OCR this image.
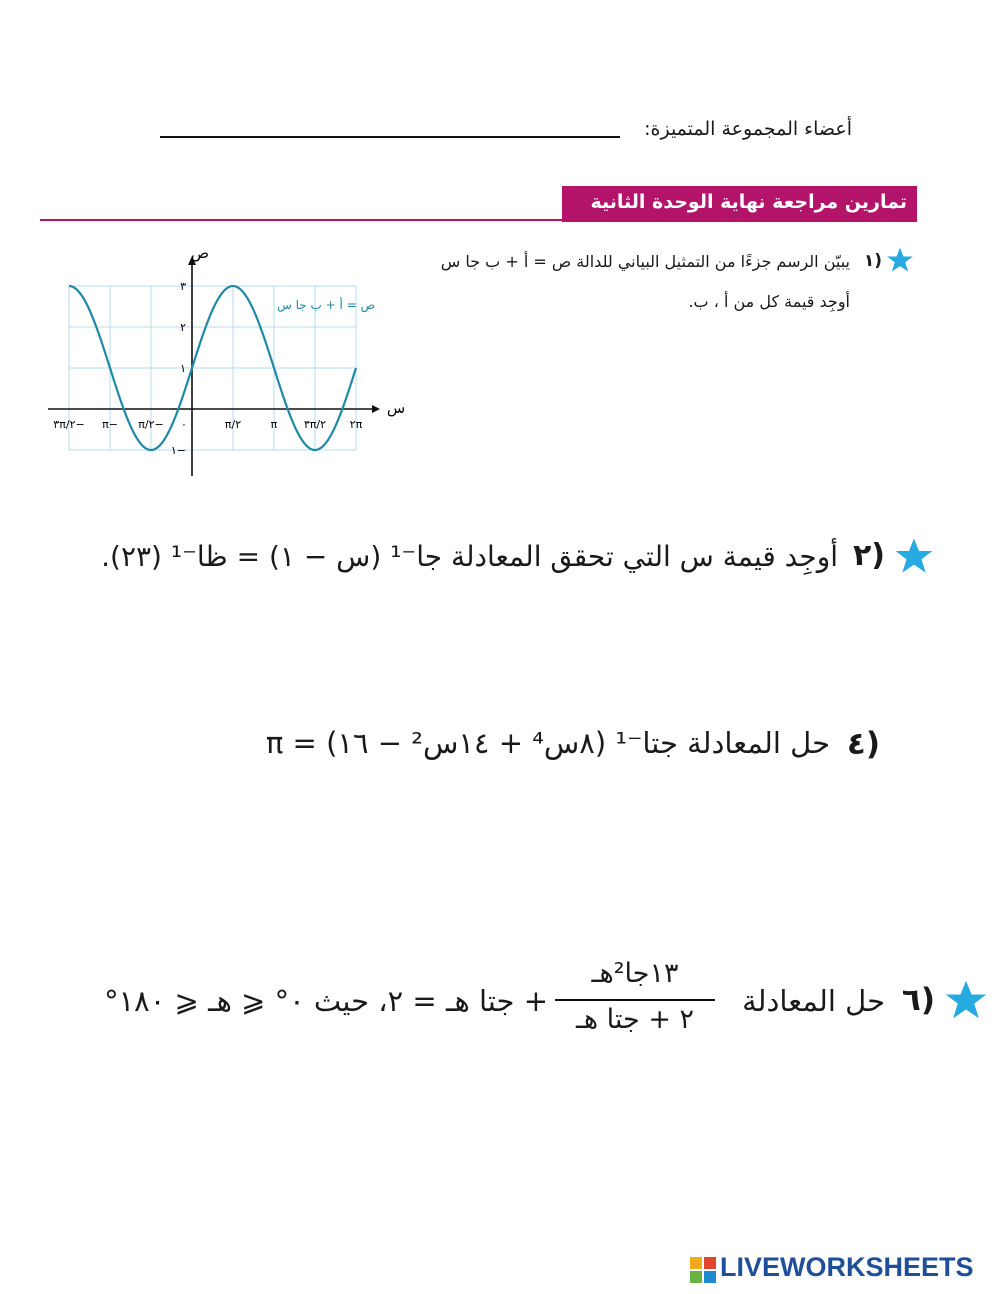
أعضاء المجموعة المتميزة:
تمارين مراجعة نهاية الوحدة الثانية
١)
يبيّن الرسم جزءًا من التمثيل البياني للدالة ص = أ + ب جا س
أوجِد قيمة كل من أ ، ب.
س
ص
٣π/٢− π− π/٢− ٠	π/٢	π ٣π/٢ ٢π
١−
١
٢
٣
ص = أ + ب جا س
٢)
أوجِد قيمة س التي تحقق المعادلة جا⁻¹ (س − ١) = ظا⁻¹ (٢٣).
٤)
حل المعادلة جتا⁻¹ (٨س⁴ + ١٤س² − ١٦) = π
٦)
حل المعادلة
١٣جا²هـ
٢ + جتا هـ
+ جتا هـ = ٢، حيث ٠° ⩽ هـ ⩽ ١٨٠°
LIVEWORKSHEETS
